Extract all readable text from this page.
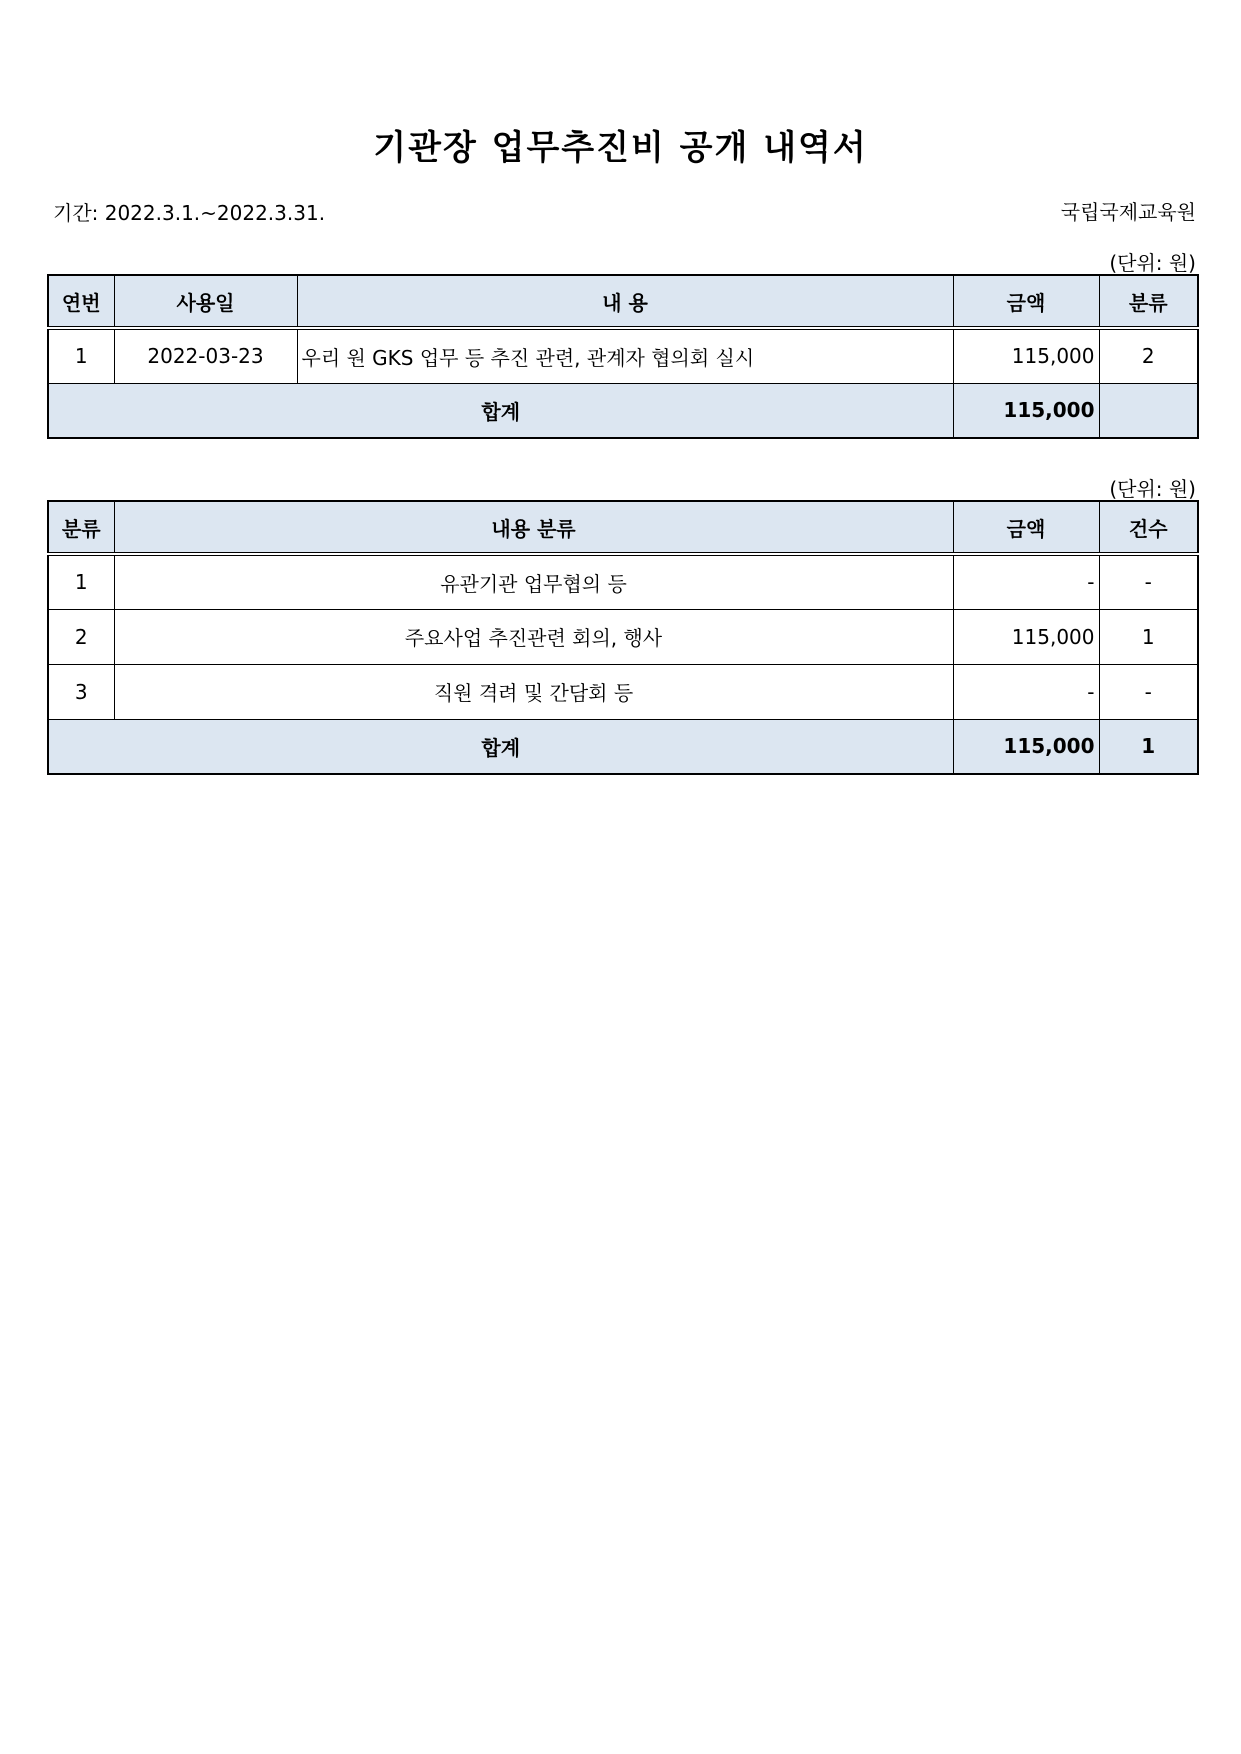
기관장 업무추진비 공개 내역서
기간: 2022.3.1.~2022.3.31.	국립국제교육원
(단위: 원)
연번	사용일	내 용	금액	분류
1	2022-03-23	우리 원 GKS 업무 등 추진 관련, 관계자 협의회 실시	115,000	2
합계			115,000	
(단위: 원)
분류	내용 분류	금액	건수
1	유관기관 업무협의 등	-	-
2	주요사업 추진관련 회의, 행사	115,000	1
3	직원 격려 및 간담회 등	-	-
합계		115,000	1
